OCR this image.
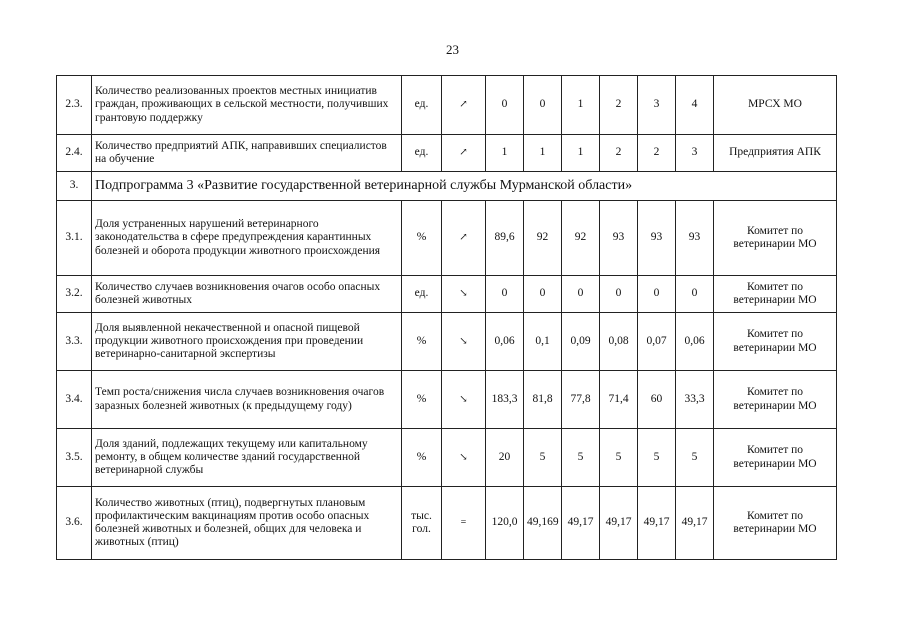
23
2.3.	Количество реализованных проектов местных инициатив граждан, проживающих в сельской местности, получивших грантовую поддержку	ед.	↗	0	0	1	2	3	4	МРСХ МО
2.4.	Количество предприятий АПК, направивших специалистов на обучение	ед.	↗	1	1	1	2	2	3	Предприятия АПК
3.	Подпрограмма 3 «Развитие государственной ветеринарной службы Мурманской области»									
3.1.	Доля устраненных нарушений ветеринарного законодательства в сфере предупреждения карантинных болезней и оборота продукции животного происхождения	%	↗	89,6	92	92	93	93	93	Комитет по ветеринарии МО
3.2.	Количество случаев возникновения очагов особо опасных болезней животных	ед.	↘	0	0	0	0	0	0	Комитет по ветеринарии МО
3.3.	Доля выявленной некачественной и опасной пищевой продукции животного происхождения при проведении ветеринарно-санитарной экспертизы	%	↘	0,06	0,1	0,09	0,08	0,07	0,06	Комитет по ветеринарии МО
3.4.	Темп роста/снижения числа случаев возникновения очагов заразных болезней животных (к предыдущему году)	%	↘	183,3	81,8	77,8	71,4	60	33,3	Комитет по ветеринарии МО
3.5.	Доля зданий, подлежащих текущему или капитальному ремонту, в общем количестве зданий государственной ветеринарной службы	%	↘	20	5	5	5	5	5	Комитет по ветеринарии МО
3.6.	Количество животных (птиц), подвергнутых плановым профилактическим вакцинациям против особо опасных болезней животных и болезней, общих для человека и животных (птиц)	тыс. гол.	=	120,0	49,169	49,17	49,17	49,17	49,17	Комитет по ветеринарии МО
